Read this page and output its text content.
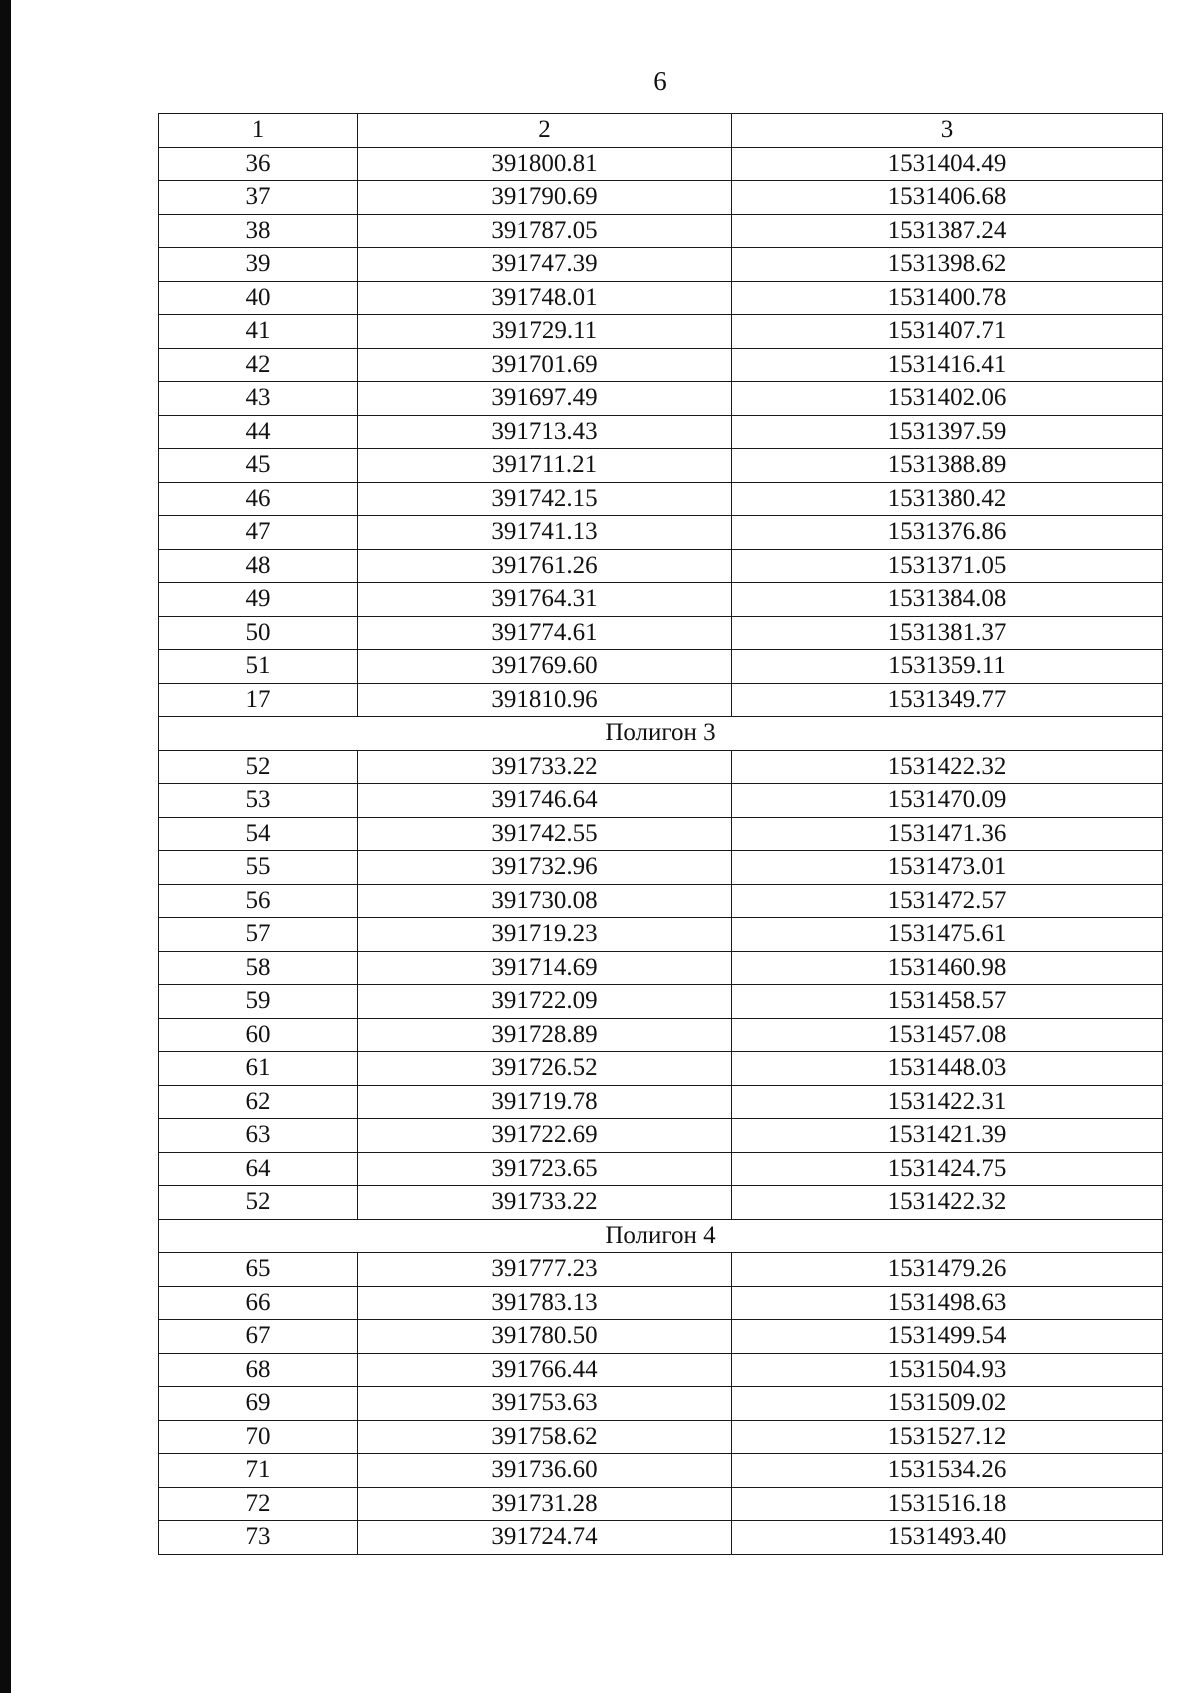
6
1	2	3
36	391800.81	1531404.49
37	391790.69	1531406.68
38	391787.05	1531387.24
39	391747.39	1531398.62
40	391748.01	1531400.78
41	391729.11	1531407.71
42	391701.69	1531416.41
43	391697.49	1531402.06
44	391713.43	1531397.59
45	391711.21	1531388.89
46	391742.15	1531380.42
47	391741.13	1531376.86
48	391761.26	1531371.05
49	391764.31	1531384.08
50	391774.61	1531381.37
51	391769.60	1531359.11
17	391810.96	1531349.77
Полигон 3		
52	391733.22	1531422.32
53	391746.64	1531470.09
54	391742.55	1531471.36
55	391732.96	1531473.01
56	391730.08	1531472.57
57	391719.23	1531475.61
58	391714.69	1531460.98
59	391722.09	1531458.57
60	391728.89	1531457.08
61	391726.52	1531448.03
62	391719.78	1531422.31
63	391722.69	1531421.39
64	391723.65	1531424.75
52	391733.22	1531422.32
Полигон 4		
65	391777.23	1531479.26
66	391783.13	1531498.63
67	391780.50	1531499.54
68	391766.44	1531504.93
69	391753.63	1531509.02
70	391758.62	1531527.12
71	391736.60	1531534.26
72	391731.28	1531516.18
73	391724.74	1531493.40
